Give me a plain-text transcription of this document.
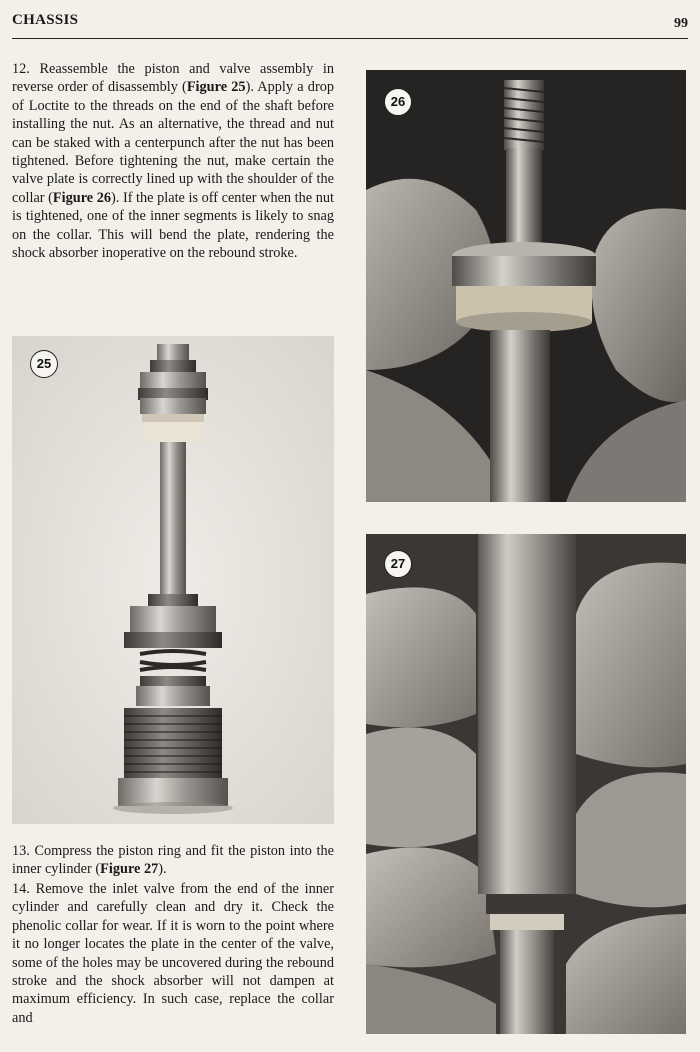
CHASSIS	99

12. Reassemble the piston and valve assembly in reverse order of disassembly (Figure 25). Apply a drop of Loctite to the threads on the end of the shaft before installing the nut. As an alternative, the thread and nut can be staked with a centerpunch after the nut has been tightened. Before tightening the nut, make certain the valve plate is correctly lined up with the shoulder of the collar (Figure 26). If the plate is off center when the nut is tightened, one of the inner segments is likely to snag on the collar. This will bend the plate, rendering the shock absorber inoperative on the rebound stroke.

25

13. Compress the piston ring and fit the piston into the inner cylinder (Figure 27).

14. Remove the inlet valve from the end of the inner cylinder and carefully clean and dry it. Check the phenolic collar for wear. If it is worn to the point where it no longer locates the plate in the center of the valve, some of the holes may be uncovered during the rebound stroke and the shock absorber will not dampen at maximum efficiency. In such case, replace the collar and

26
27
